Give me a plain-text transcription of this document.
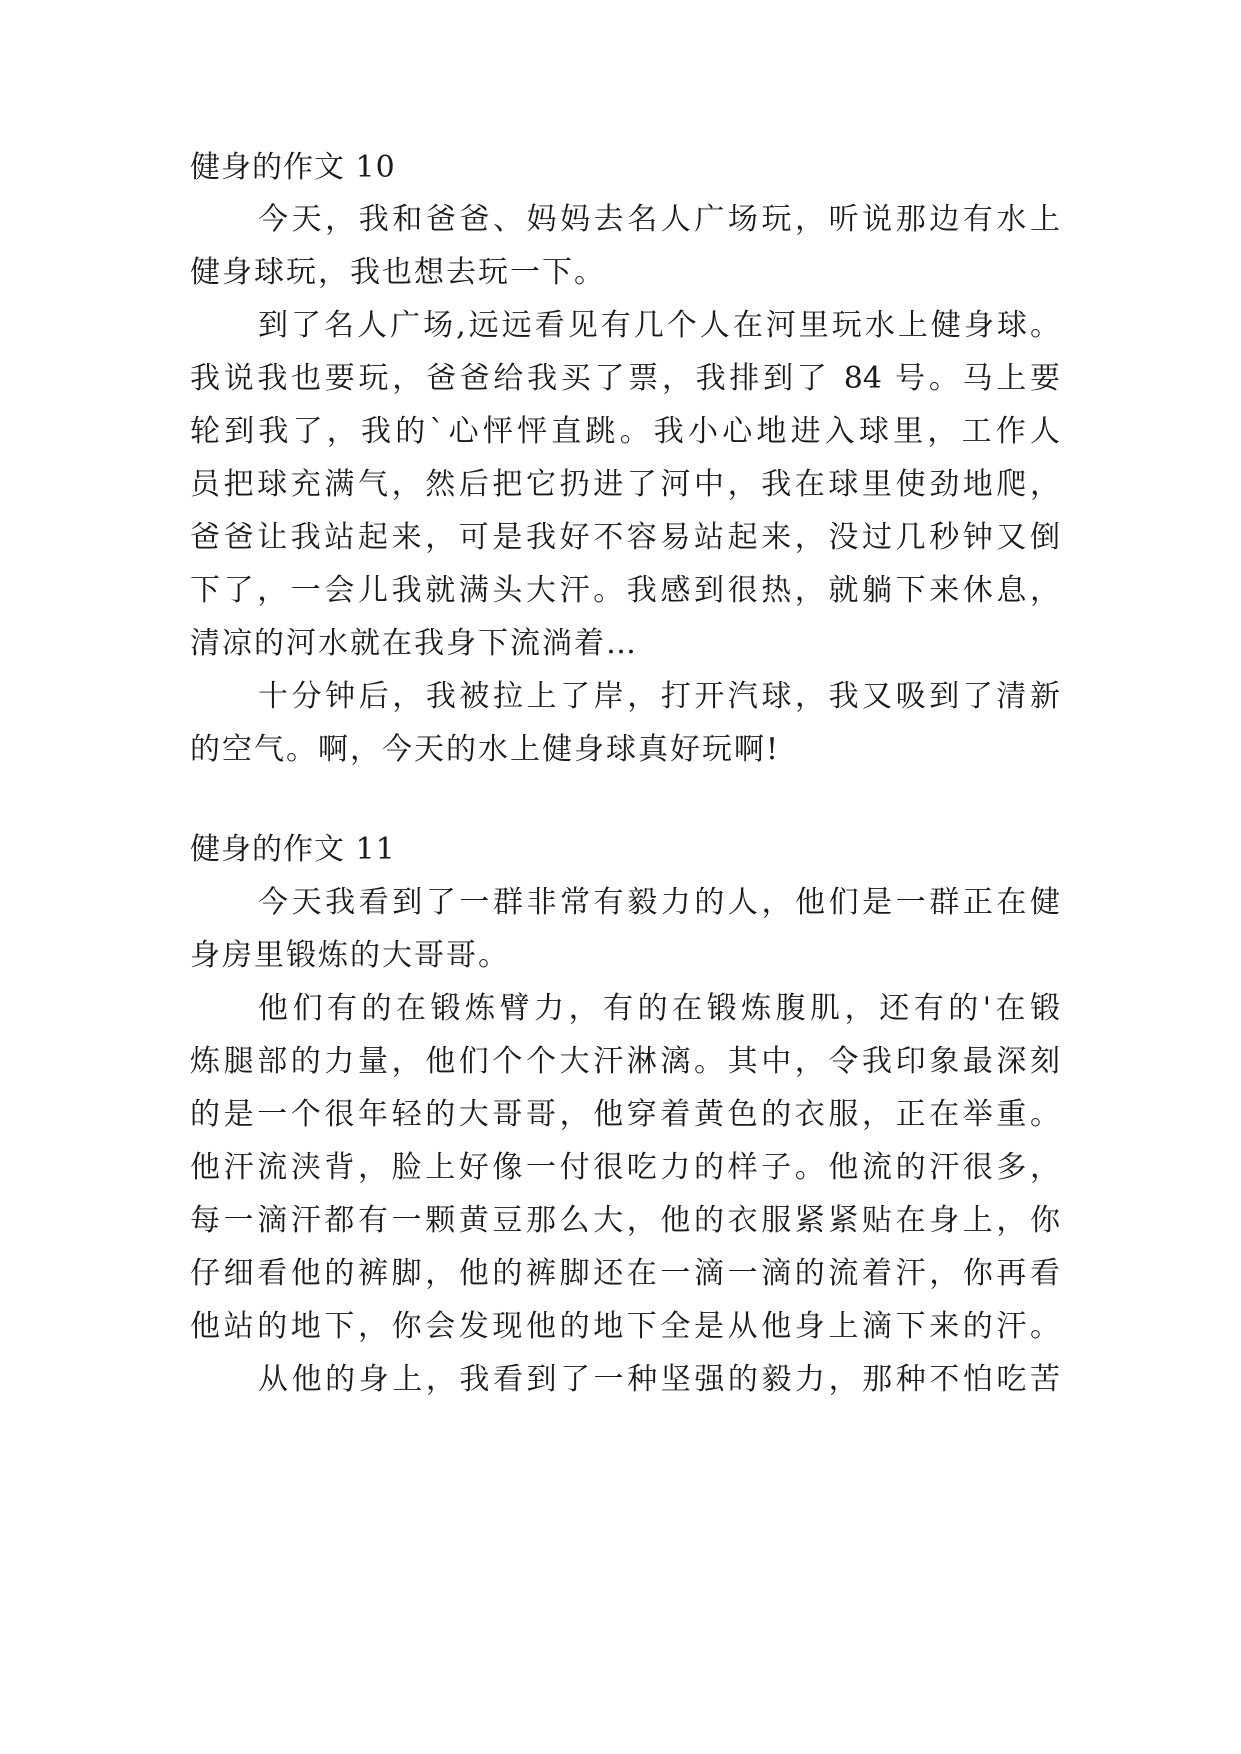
健身的作文 10
今天，我和爸爸、妈妈去名人广场玩，听说那边有水上
健身球玩，我也想去玩一下。
到了名人广场,远远看见有几个人在河里玩水上健身球。
我说我也要玩，爸爸给我买了票，我排到了 84 号。马上要
轮到我了，我的`心怦怦直跳。我小心地进入球里，工作人
员把球充满气，然后把它扔进了河中，我在球里使劲地爬，
爸爸让我站起来，可是我好不容易站起来，没过几秒钟又倒
下了，一会儿我就满头大汗。我感到很热，就躺下来休息，
清凉的河水就在我身下流淌着…
十分钟后，我被拉上了岸，打开汽球，我又吸到了清新
的空气。啊，今天的水上健身球真好玩啊!
健身的作文 11
今天我看到了一群非常有毅力的人，他们是一群正在健
身房里锻炼的大哥哥。
他们有的在锻炼臂力，有的在锻炼腹肌，还有的'在锻
炼腿部的力量，他们个个大汗淋漓。其中，令我印象最深刻
的是一个很年轻的大哥哥，他穿着黄色的衣服，正在举重。
他汗流浃背，脸上好像一付很吃力的样子。他流的汗很多，
每一滴汗都有一颗黄豆那么大，他的衣服紧紧贴在身上，你
仔细看他的裤脚，他的裤脚还在一滴一滴的流着汗，你再看
他站的地下，你会发现他的地下全是从他身上滴下来的汗。
从他的身上，我看到了一种坚强的毅力，那种不怕吃苦
